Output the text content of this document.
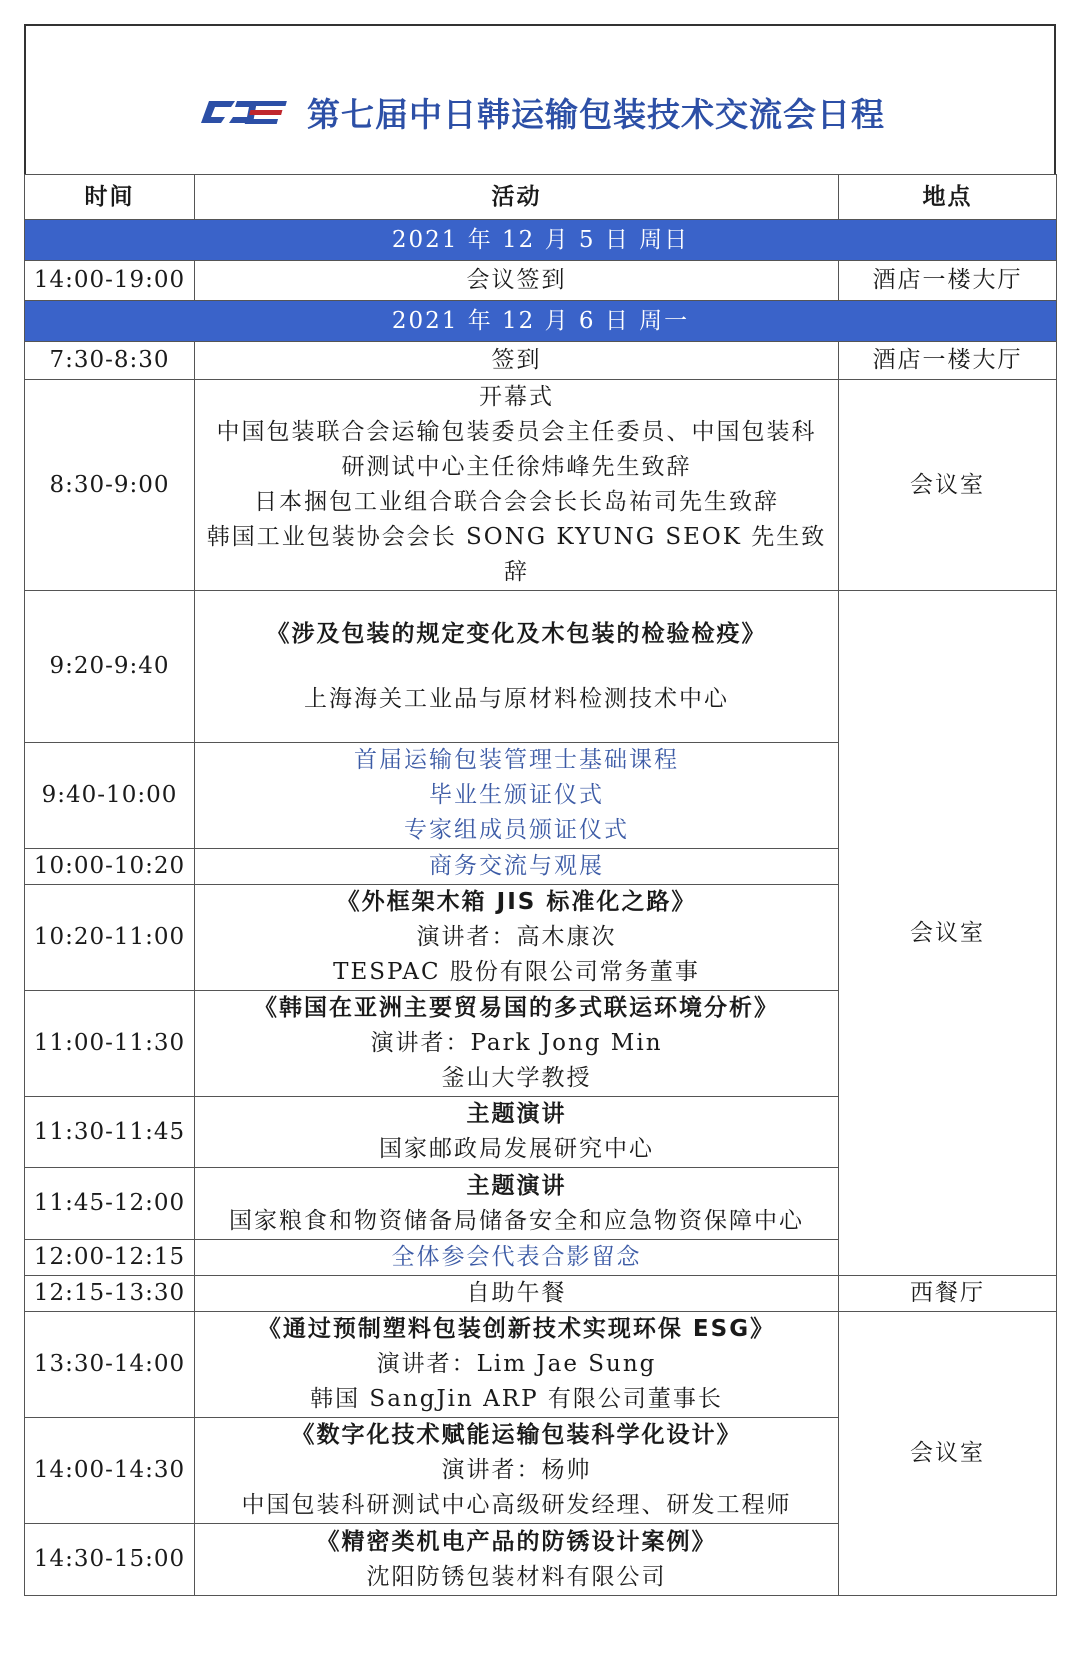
第七届中日韩运输包装技术交流会日程
时间	活动	地点
2021 年 12 月 5 日 周日		
14:00-19:00	会议签到	酒店一楼大厅
2021 年 12 月 6 日 周一		
7:30-8:30	签到	酒店一楼大厅
8:30-9:00	开幕式
中国包装联合会运输包装委员会主任委员、中国包装科
研测试中心主任徐炜峰先生致辞
日本捆包工业组合联合会会长长岛祐司先生致辞
韩国工业包装协会会长 SONG KYUNG SEOK 先生致辞	会议室
9:20-9:40	《涉及包装的规定变化及木包装的检验检疫》
上海海关工业品与原材料检测技术中心	会议室
9:40-10:00	首届运输包装管理士基础课程
毕业生颁证仪式
专家组成员颁证仪式	

10:00-10:20	商务交流与观展	
10:20-11:00	《外框架木箱 JIS 标准化之路》
演讲者：高木康次
TESPAC 股份有限公司常务董事	

11:00-11:30	《韩国在亚洲主要贸易国的多式联运环境分析》
演讲者：Park Jong Min
釜山大学教授	

11:30-11:45	主题演讲
国家邮政局发展研究中心	

11:45-12:00	主题演讲
国家粮食和物资储备局储备安全和应急物资保障中心	

12:00-12:15	全体参会代表合影留念	
12:15-13:30	自助午餐	西餐厅
13:30-14:00	《通过预制塑料包装创新技术实现环保 ESG》
演讲者：Lim Jae Sung
韩国 SangJin ARP 有限公司董事长	会议室
14:00-14:30	《数字化技术赋能运输包装科学化设计》
演讲者：杨帅
中国包装科研测试中心高级研发经理、研发工程师	

14:30-15:00	《精密类机电产品的防锈设计案例》
沈阳防锈包装材料有限公司	
